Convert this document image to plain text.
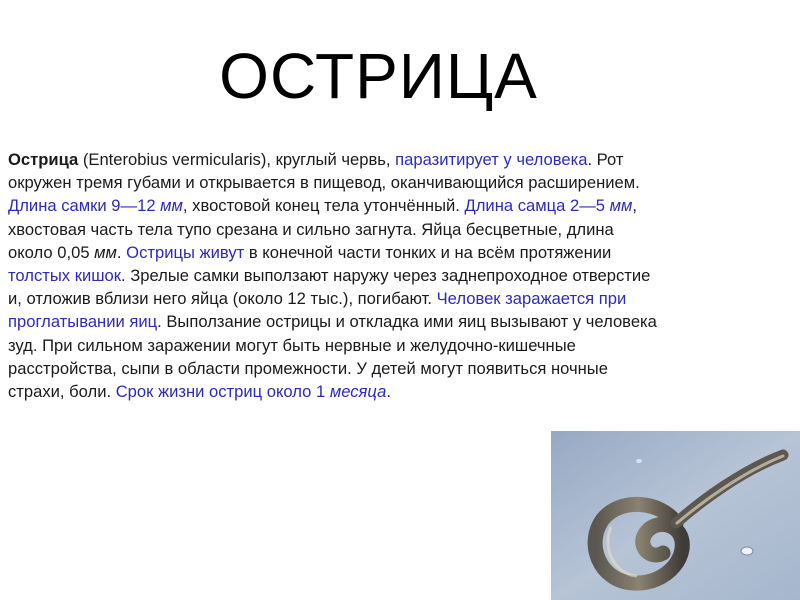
ОСТРИЦА
Острица (Enterobius vermicularis), круглый червь, паразитирует у человека. Рот
окружен тремя губами и открывается в пищевод, оканчивающийся расширением.
Длина самки 9—12 мм, хвостовой конец тела утончённый. Длина самца 2—5 мм,
хвостовая часть тела тупо срезана и сильно загнута. Яйца бесцветные, длина
около 0,05 мм. Острицы живут в конечной части тонких и на всём протяжении
толстых кишок. Зрелые самки выползают наружу через заднепроходное отверстие
и, отложив вблизи него яйца (около 12 тыс.), погибают. Человек заражается при
проглатывании яиц. Выползание острицы и откладка ими яиц вызывают у человека
зуд. При сильном заражении могут быть нервные и желудочно-кишечные
расстройства, сыпи в области промежности. У детей могут появиться ночные
страхи, боли. Срок жизни остриц около 1 месяца.
